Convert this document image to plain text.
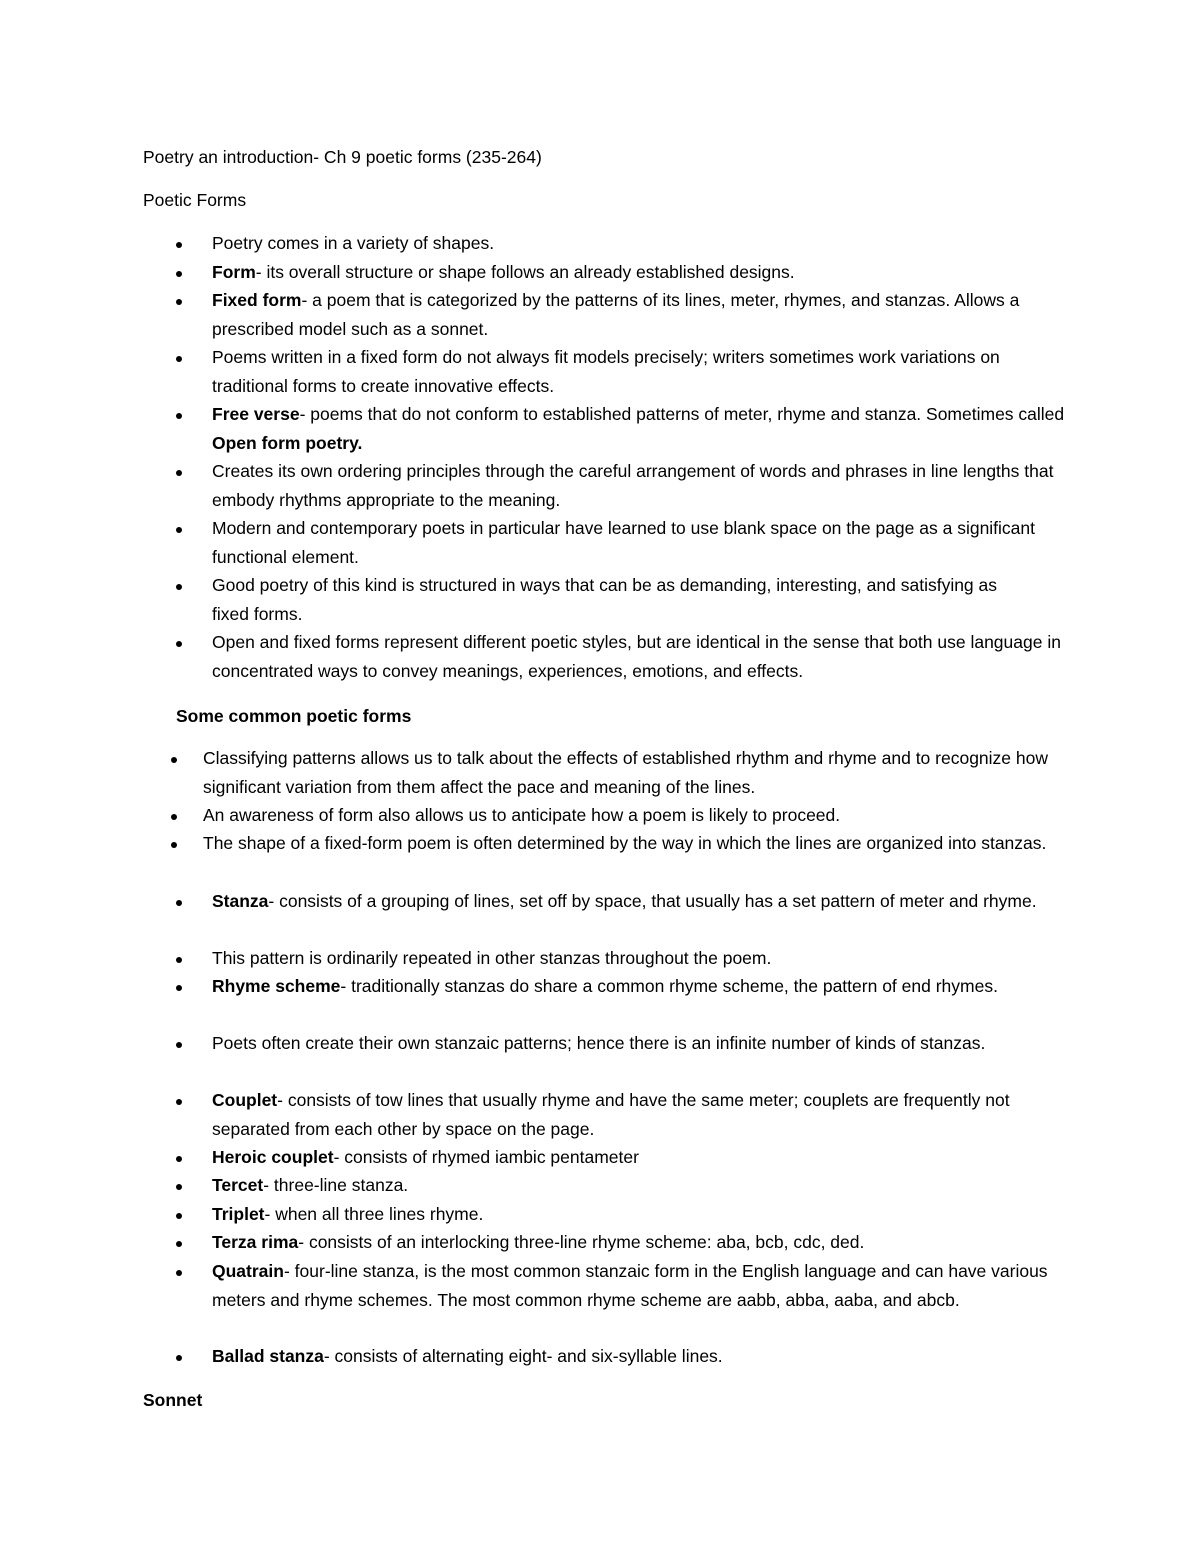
Poetry an introduction- Ch 9 poetic forms (235-264)
Poetic Forms
Poetry comes in a variety of shapes.
Form- its overall structure or shape follows an already established designs.
Fixed form- a poem that is categorized by the patterns of its lines, meter, rhymes, and stanzas. Allows a prescribed model such as a sonnet.
Poems written in a fixed form do not always fit models precisely; writers sometimes work variations on traditional forms to create innovative effects.
Free verse- poems that do not conform to established patterns of meter, rhyme and stanza. Sometimes called Open form poetry.
Creates its own ordering principles through the careful arrangement of words and phrases in line lengths that embody rhythms appropriate to the meaning.
Modern and contemporary poets in particular have learned to use blank space on the page as a significant functional element.
Good poetry of this kind is structured in ways that can be as demanding, interesting, and satisfying as fixed forms.
Open and fixed forms represent different poetic styles, but are identical in the sense that both use language in concentrated ways to convey meanings, experiences, emotions, and effects.
Some common poetic forms
Classifying patterns allows us to talk about the effects of established rhythm and rhyme and to recognize how significant variation from them affect the pace and meaning of the lines.
An awareness of form also allows us to anticipate how a poem is likely to proceed.
The shape of a fixed-form poem is often determined by the way in which the lines are organized into stanzas.
Stanza- consists of a grouping of lines, set off by space, that usually has a set pattern of meter and rhyme.
This pattern is ordinarily repeated in other stanzas throughout the poem.
Rhyme scheme- traditionally stanzas do share a common rhyme scheme, the pattern of end rhymes.
Poets often create their own stanzaic patterns; hence there is an infinite number of kinds of stanzas.
Couplet- consists of tow lines that usually rhyme and have the same meter; couplets are frequently not separated from each other by space on the page.
Heroic couplet- consists of rhymed iambic pentameter
Tercet- three-line stanza.
Triplet- when all three lines rhyme.
Terza rima- consists of an interlocking three-line rhyme scheme: aba, bcb, cdc, ded.
Quatrain- four-line stanza, is the most common stanzaic form in the English language and can have various meters and rhyme schemes. The most common rhyme scheme are aabb, abba, aaba, and abcb.
Ballad stanza- consists of alternating eight- and six-syllable lines.
Sonnet
